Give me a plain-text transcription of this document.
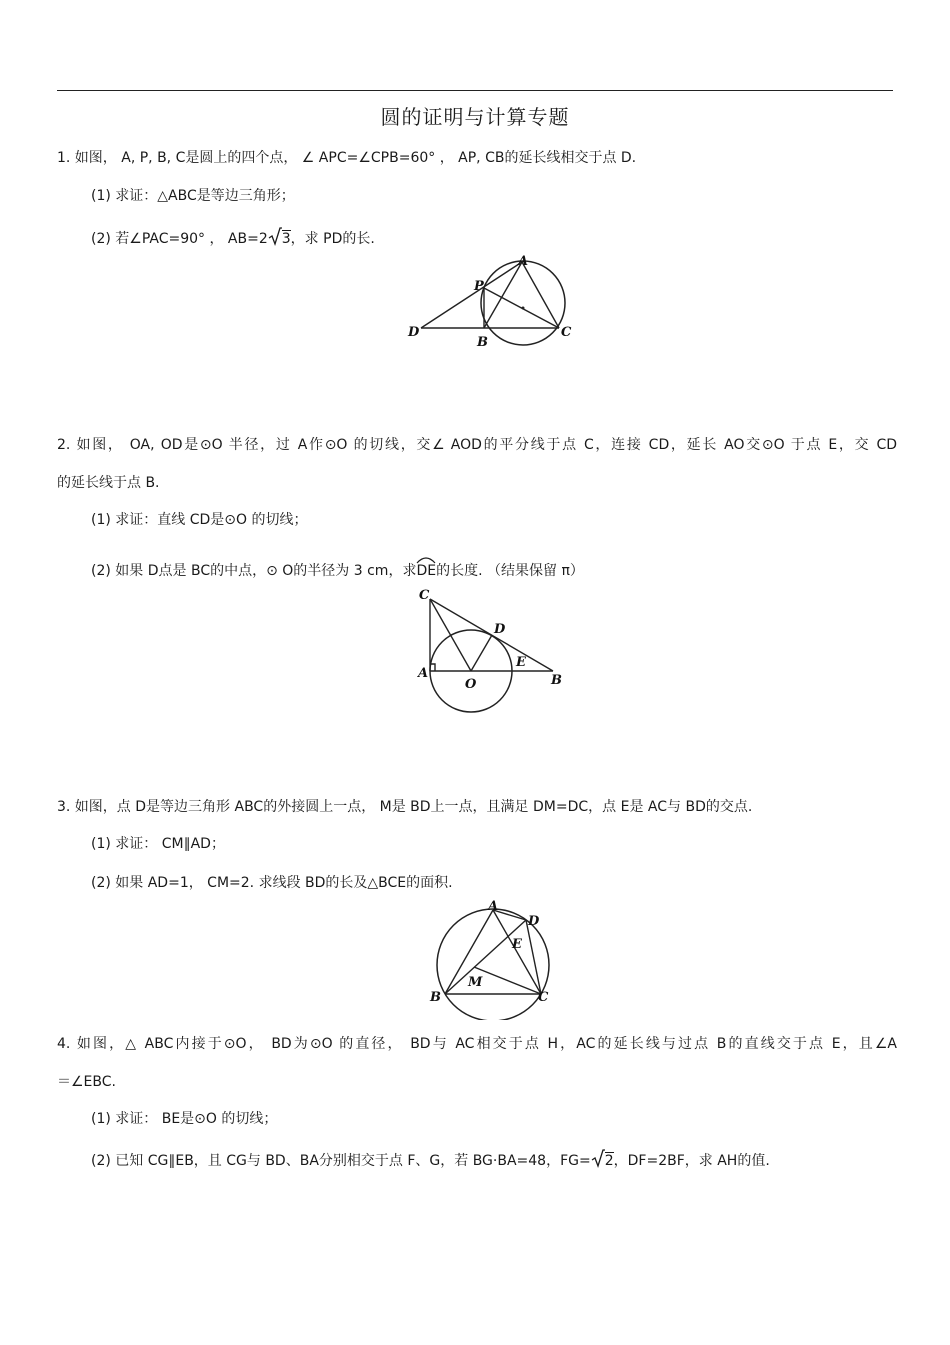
圆的证明与计算专题
1. 如图， A, P, B, C是圆上的四个点， ∠ APC=∠CPB=60° ， AP, CB的延长线相交于点 D.
(1) 求证：△ABC是等边三角形；
(2) 若∠PAC=90° ， AB=2 3，求 PD的长.
A
P
B
C
D
2. 如图， OA, OD是⊙O 半径，过 A作⊙O 的切线，交∠ AOD的平分线于点 C，连接 CD，延长 AO交⊙O 于点 E，交 CD
的延长线于点 B.
(1) 求证：直线 CD是⊙O 的切线；
(2) 如果 D点是 BC的中点，⊙ O的半径为 3 cm，求
DE的长度. （结果保留 π）
C
D
E
A
O	B
3. 如图，点 D是等边三角形 ABC的外接圆上一点， M是 BD上一点，且满足 DM=DC，点 E是 AC与 BD的交点.
(1) 求证： CM∥AD；
(2) 如果 AD=1， CM=2. 求线段 BD的长及△BCE的面积.
A
D
E
M
B	C
4. 如图，△ ABC内接于⊙O， BD为⊙O 的直径， BD与 AC相交于点 H，AC的延长线与过点 B的直线交于点 E，且∠A
＝∠EBC.
(1) 求证： BE是⊙O 的切线；
(2) 已知 CG∥EB，且 CG与 BD、BA分别相交于点 F、G，若 BG·BA=48，FG= 2，DF=2BF，求 AH的值.
